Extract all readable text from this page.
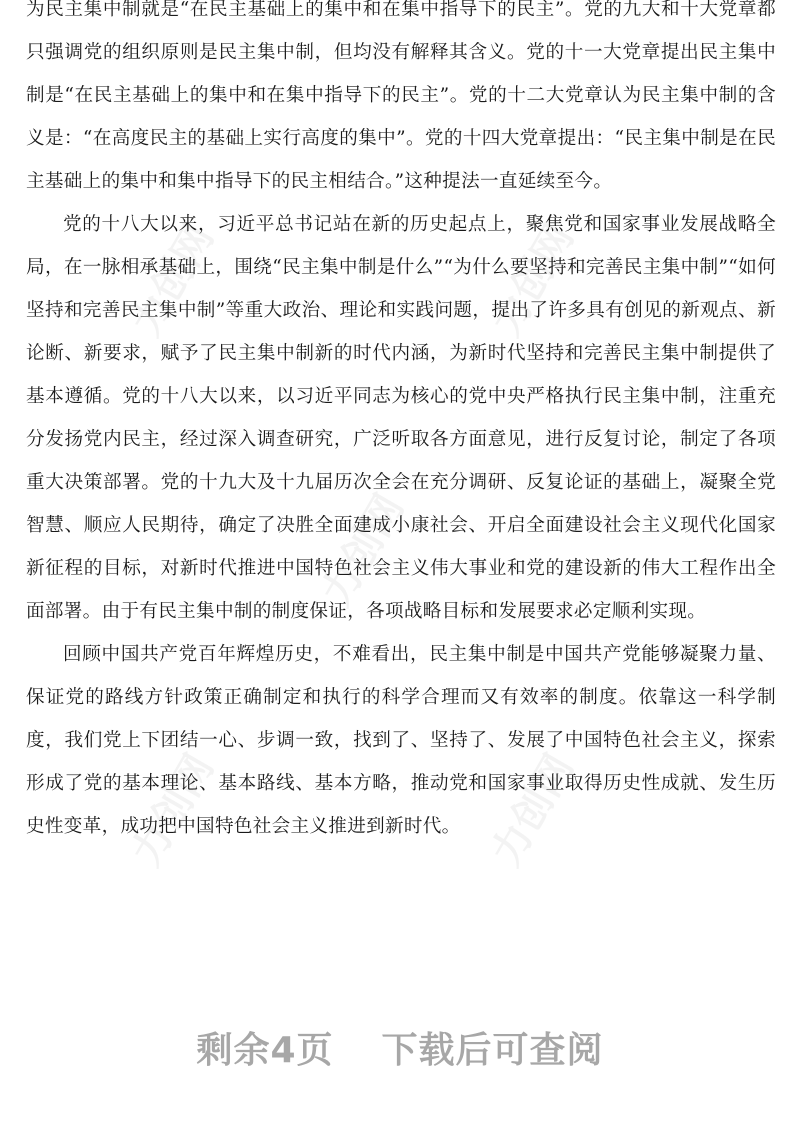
力创网	力创网
力创网	力创网
力创网

为民主集中制就是“在民主基础上的集中和在集中指导下的民主”。党的九大和十大党章都只强调党的组织原则是民主集中制，但均没有解释其含义。党的十一大党章提出民主集中制是“在民主基础上的集中和在集中指导下的民主”。党的十二大党章认为民主集中制的含义是：“在高度民主的基础上实行高度的集中”。党的十四大党章提出：“民主集中制是在民主基础上的集中和集中指导下的民主相结合。”这种提法一直延续至今。

党的十八大以来，习近平总书记站在新的历史起点上，聚焦党和国家事业发展战略全局，在一脉相承基础上，围绕“民主集中制是什么”“为什么要坚持和完善民主集中制”“如何坚持和完善民主集中制”等重大政治、理论和实践问题，提出了许多具有创见的新观点、新论断、新要求，赋予了民主集中制新的时代内涵，为新时代坚持和完善民主集中制提供了基本遵循。党的十八大以来，以习近平同志为核心的党中央严格执行民主集中制，注重充分发扬党内民主，经过深入调查研究，广泛听取各方面意见，进行反复讨论，制定了各项重大决策部署。党的十九大及十九届历次全会在充分调研、反复论证的基础上，凝聚全党智慧、顺应人民期待，确定了决胜全面建成小康社会、开启全面建设社会主义现代化国家新征程的目标，对新时代推进中国特色社会主义伟大事业和党的建设新的伟大工程作出全面部署。由于有民主集中制的制度保证，各项战略目标和发展要求必定顺利实现。

回顾中国共产党百年辉煌历史，不难看出，民主集中制是中国共产党能够凝聚力量、保证党的路线方针政策正确制定和执行的科学合理而又有效率的制度。依靠这一科学制度，我们党上下团结一心、步调一致，找到了、坚持了、发展了中国特色社会主义，探索形成了党的基本理论、基本路线、基本方略，推动党和国家事业取得历史性成就、发生历史性变革，成功把中国特色社会主义推进到新时代。

剩余4页 下载后可查阅
